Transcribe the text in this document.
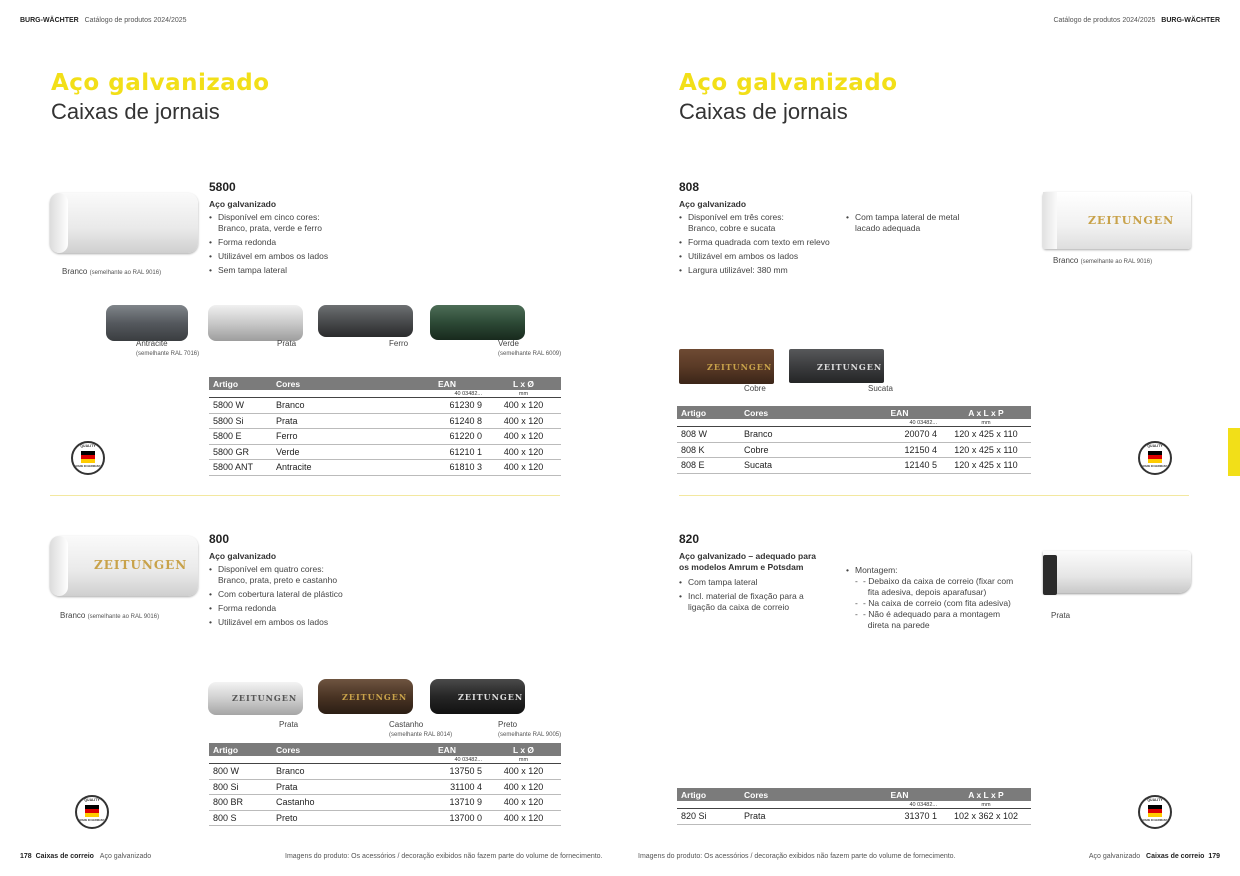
BURG-WÄCHTER Catálogo de produtos 2024/2025	Catálogo de produtos 2024/2025 BURG-WÄCHTER
Aço galvanizado
Caixas de jornais
Aço galvanizado
Caixas de jornais
Branco (semelhante ao RAL 9016)
5800
Aço galvanizado
• Disponível em cinco cores:
Branco, prata, verde e ferro
• Forma redonda
• Utilizável em ambos os lados
• Sem tampa lateral
Antracite
(semelhante RAL 7016)
Prata	Ferro	Verde
(semelhante RAL 6009)
Artigo	Cores	EAN	L x Ø
		40 03482...	mm
5800 W	Branco	61230 9	400 x 120
5800 Si	Prata	61240 8	400 x 120
5800 E	Ferro	61220 0	400 x 120
5800 GR	Verde	61210 1	400 x 120
5800 ANT	Antracite	61810 3	400 x 120
QUALITY
MADE IN GERMANY
ZEITUNGEN
Branco (semelhante ao RAL 9016)
800
Aço galvanizado
• Disponível em quatro cores:
Branco, prata, preto e castanho
• Com cobertura lateral de plástico
• Forma redonda
• Utilizável em ambos os lados
ZEITUNGEN	ZEITUNGEN	ZEITUNGEN
Prata	Castanho
(semelhante RAL 8014)
Preto
(semelhante RAL 9005)
Artigo	Cores	EAN	L x Ø
		40 03482...	mm
800 W	Branco	13750 5	400 x 120
800 Si	Prata	31100 4	400 x 120
800 BR	Castanho	13710 9	400 x 120
800 S	Preto	13700 0	400 x 120
QUALITY
MADE IN GERMANY
808
Aço galvanizado
• Disponível em três cores:
Branco, cobre e sucata
• Forma quadrada com texto em relevo
• Utilizável em ambos os lados
• Largura utilizável: 380 mm
• Com tampa lateral de metal
lacado adequada
ZEITUNGEN
Branco (semelhante ao RAL 9016)
ZEITUNGEN	ZEITUNGEN
Cobre	Sucata
Artigo	Cores	EAN	A x L x P
		40 03482...	mm
808 W	Branco	20070 4	120 x 425 x 110
808 K	Cobre	12150 4	120 x 425 x 110
808 E	Sucata	12140 5	120 x 425 x 110
QUALITY
MADE IN GERMANY
820
Aço galvanizado – adequado para
os modelos Amrum e Potsdam
• Com tampa lateral
• Incl. material de fixação para a
ligação da caixa de correio
• Montagem:
- - Debaixo da caixa de correio (fixar com
fita adesiva, depois aparafusar)
- - Na caixa de correio (com fita adesiva)
- - Não é adequado para a montagem
direta na parede
Prata
Artigo	Cores	EAN	A x L x P
		40 03482...	mm
820 Si	Prata	31370 1	102 x 362 x 102
QUALITY
MADE IN GERMANY
178 Caixas de correio Aço galvanizado	Imagens do produto: Os acessórios / decoração exibidos não fazem parte do volume de fornecimento.	Imagens do produto: Os acessórios / decoração exibidos não fazem parte do volume de fornecimento.	Aço galvanizado Caixas de correio 179
